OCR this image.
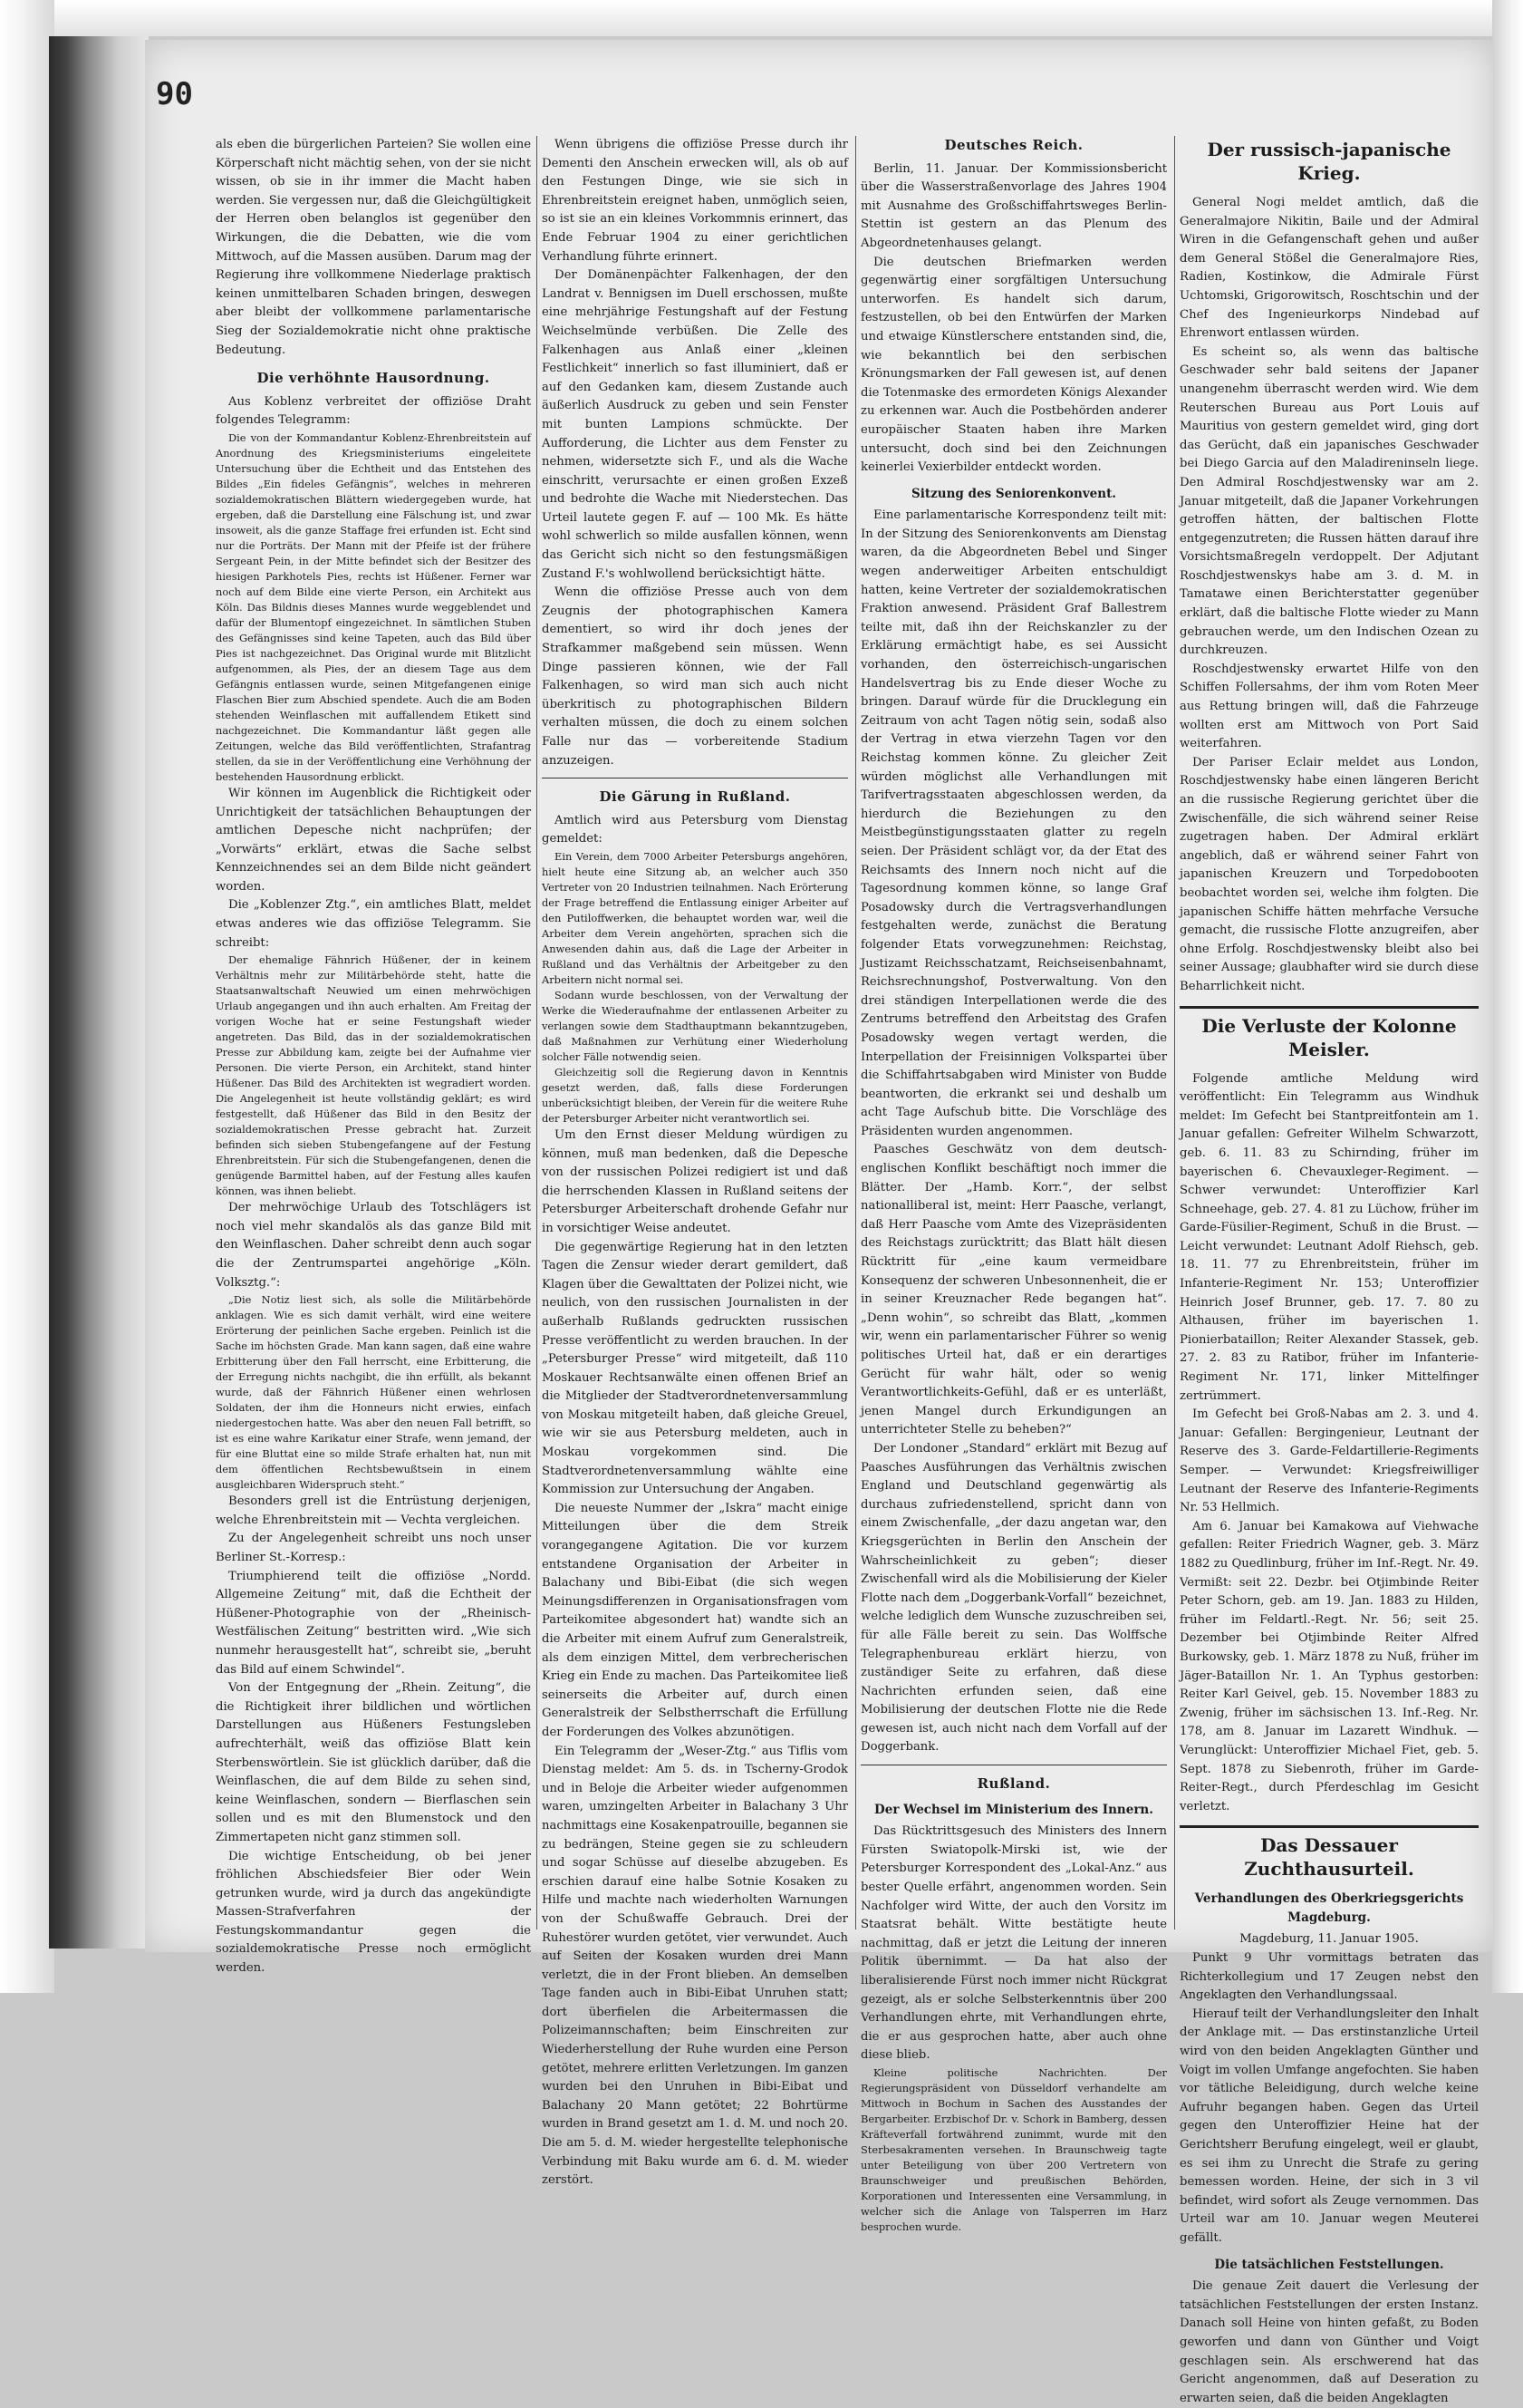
90

als eben die bürgerlichen Parteien? Sie wollen eine Körperschaft nicht mächtig sehen, von der sie nicht wissen, ob sie in ihr immer die Macht haben werden. Sie vergessen nur, daß die Gleichgültigkeit der Herren oben belanglos ist gegenüber den Wirkungen, die die Debatten, wie die vom Mittwoch, auf die Massen ausüben. Darum mag der Regierung ihre vollkommene Niederlage praktisch keinen unmittelbaren Schaden bringen, deswegen aber bleibt der vollkommene parlamentarische Sieg der Sozialdemokratie nicht ohne praktische Bedeutung.

Die verhöhnte Hausordnung.

Aus Koblenz verbreitet der offiziöse Draht folgendes Telegramm:

Die von der Kommandantur Koblenz-Ehrenbreitstein auf Anordnung des Kriegsministeriums eingeleitete Untersuchung über die Echtheit und das Entstehen des Bildes „Ein fideles Gefängnis“, welches in mehreren sozialdemokratischen Blättern wiedergegeben wurde, hat ergeben, daß die Darstellung eine Fälschung ist, und zwar insoweit, als die ganze Staffage frei erfunden ist. Echt sind nur die Porträts. Der Mann mit der Pfeife ist der frühere Sergeant Pein, in der Mitte befindet sich der Besitzer des hiesigen Parkhotels Pies, rechts ist Hüßener. Ferner war noch auf dem Bilde eine vierte Person, ein Architekt aus Köln. Das Bildnis dieses Mannes wurde weggeblendet und dafür der Blumentopf eingezeichnet. In sämtlichen Stuben des Gefängnisses sind keine Tapeten, auch das Bild über Pies ist nachgezeichnet. Das Original wurde mit Blitzlicht aufgenommen, als Pies, der an diesem Tage aus dem Gefängnis entlassen wurde, seinen Mitgefangenen einige Flaschen Bier zum Abschied spendete. Auch die am Boden stehenden Weinflaschen mit auffallendem Etikett sind nachgezeichnet. Die Kommandantur läßt gegen alle Zeitungen, welche das Bild veröffentlichten, Strafantrag stellen, da sie in der Veröffentlichung eine Verhöhnung der bestehenden Hausordnung erblickt.

Wir können im Augenblick die Richtigkeit oder Unrichtigkeit der tatsächlichen Behauptungen der amtlichen Depesche nicht nachprüfen; der „Vorwärts“ erklärt, etwas die Sache selbst Kennzeichnendes sei an dem Bilde nicht geändert worden.

Die „Koblenzer Ztg.“, ein amtliches Blatt, meldet etwas anderes wie das offiziöse Telegramm. Sie schreibt:

Der ehemalige Fähnrich Hüßener, der in keinem Verhältnis mehr zur Militärbehörde steht, hatte die Staatsanwaltschaft Neuwied um einen mehrwöchigen Urlaub angegangen und ihn auch erhalten. Am Freitag der vorigen Woche hat er seine Festungshaft wieder angetreten. Das Bild, das in der sozialdemokratischen Presse zur Abbildung kam, zeigte bei der Aufnahme vier Personen. Die vierte Person, ein Architekt, stand hinter Hüßener. Das Bild des Architekten ist wegradiert worden. Die Angelegenheit ist heute vollständig geklärt; es wird festgestellt, daß Hüßener das Bild in den Besitz der sozialdemokratischen Presse gebracht hat. Zurzeit befinden sich sieben Stubengefangene auf der Festung Ehrenbreitstein. Für sich die Stubengefangenen, denen die genügende Barmittel haben, auf der Festung alles kaufen können, was ihnen beliebt.

Der mehrwöchige Urlaub des Totschlägers ist noch viel mehr skandalös als das ganze Bild mit den Weinflaschen. Daher schreibt denn auch sogar die der Zentrumspartei angehörige „Köln. Volksztg.“:

„Die Notiz liest sich, als solle die Militärbehörde anklagen. Wie es sich damit verhält, wird eine weitere Erörterung der peinlichen Sache ergeben. Peinlich ist die Sache im höchsten Grade. Man kann sagen, daß eine wahre Erbitterung über den Fall herrscht, eine Erbitterung, die der Erregung nichts nachgibt, die ihn erfüllt, als bekannt wurde, daß der Fähnrich Hüßener einen wehrlosen Soldaten, der ihm die Honneurs nicht erwies, einfach niedergestochen hatte. Was aber den neuen Fall betrifft, so ist es eine wahre Karikatur einer Strafe, wenn jemand, der für eine Bluttat eine so milde Strafe erhalten hat, nun mit dem öffentlichen Rechtsbewußtsein in einem ausgleichbaren Widerspruch steht.“

Besonders grell ist die Entrüstung derjenigen, welche Ehrenbreitstein mit — Vechta vergleichen.

Zu der Angelegenheit schreibt uns noch unser Berliner St.-Korresp.:

Triumphierend teilt die offiziöse „Nordd. Allgemeine Zeitung“ mit, daß die Echtheit der Hüßener-Photographie von der „Rheinisch-Westfälischen Zeitung“ bestritten wird. „Wie sich nunmehr herausgestellt hat“, schreibt sie, „beruht das Bild auf einem Schwindel“.

Von der Entgegnung der „Rhein. Zeitung“, die die Richtigkeit ihrer bildlichen und wörtlichen Darstellungen aus Hüßeners Festungsleben aufrechterhält, weiß das offiziöse Blatt kein Sterbenswörtlein. Sie ist glücklich darüber, daß die Weinflaschen, die auf dem Bilde zu sehen sind, keine Weinflaschen, sondern — Bierflaschen sein sollen und es mit den Blumenstock und den Zimmertapeten nicht ganz stimmen soll.

Die wichtige Entscheidung, ob bei jener fröhlichen Abschiedsfeier Bier oder Wein getrunken wurde, wird ja durch das angekündigte Massen-Strafverfahren der Festungskommandantur gegen die sozialdemokratische Presse noch ermöglicht werden.

Wenn übrigens die offiziöse Presse durch ihr Dementi den Anschein erwecken will, als ob auf den Festungen Dinge, wie sie sich in Ehrenbreitstein ereignet haben, unmöglich seien, so ist sie an ein kleines Vorkommnis erinnert, das Ende Februar 1904 zu einer gerichtlichen Verhandlung führte erinnert.

Der Domänenpächter Falkenhagen, der den Landrat v. Bennigsen im Duell erschossen, mußte eine mehrjährige Festungshaft auf der Festung Weichselmünde verbüßen. Die Zelle des Falkenhagen aus Anlaß einer „kleinen Festlichkeit“ innerlich so fast illuminiert, daß er auf den Gedanken kam, diesem Zustande auch äußerlich Ausdruck zu geben und sein Fenster mit bunten Lampions schmückte. Der Aufforderung, die Lichter aus dem Fenster zu nehmen, widersetzte sich F., und als die Wache einschritt, verursachte er einen großen Exzeß und bedrohte die Wache mit Niederstechen. Das Urteil lautete gegen F. auf — 100 Mk. Es hätte wohl schwerlich so milde ausfallen können, wenn das Gericht sich nicht so den festungsmäßigen Zustand F.'s wohlwollend berücksichtigt hätte.

Wenn die offiziöse Presse auch von dem Zeugnis der photographischen Kamera dementiert, so wird ihr doch jenes der Strafkammer maßgebend sein müssen. Wenn Dinge passieren können, wie der Fall Falkenhagen, so wird man sich auch nicht überkritisch zu photographischen Bildern verhalten müssen, die doch zu einem solchen Falle nur das — vorbereitende Stadium anzuzeigen.

Die Gärung in Rußland.

Amtlich wird aus Petersburg vom Dienstag gemeldet:

Ein Verein, dem 7000 Arbeiter Petersburgs angehören, hielt heute eine Sitzung ab, an welcher auch 350 Vertreter von 20 Industrien teilnahmen. Nach Erörterung der Frage betreffend die Entlassung einiger Arbeiter auf den Putiloffwerken, die behauptet worden war, weil die Arbeiter dem Verein angehörten, sprachen sich die Anwesenden dahin aus, daß die Lage der Arbeiter in Rußland und das Verhältnis der Arbeitgeber zu den Arbeitern nicht normal sei.

Sodann wurde beschlossen, von der Verwaltung der Werke die Wiederaufnahme der entlassenen Arbeiter zu verlangen sowie dem Stadthauptmann bekanntzugeben, daß Maßnahmen zur Verhütung einer Wiederholung solcher Fälle notwendig seien.

Gleichzeitig soll die Regierung davon in Kenntnis gesetzt werden, daß, falls diese Forderungen unberücksichtigt bleiben, der Verein für die weitere Ruhe der Petersburger Arbeiter nicht verantwortlich sei.

Um den Ernst dieser Meldung würdigen zu können, muß man bedenken, daß die Depesche von der russischen Polizei redigiert ist und daß die herrschenden Klassen in Rußland seitens der Petersburger Arbeiterschaft drohende Gefahr nur in vorsichtiger Weise andeutet.

Die gegenwärtige Regierung hat in den letzten Tagen die Zensur wieder derart gemildert, daß Klagen über die Gewalttaten der Polizei nicht, wie neulich, von den russischen Journalisten in der außerhalb Rußlands gedruckten russischen Presse veröffentlicht zu werden brauchen. In der „Petersburger Presse“ wird mitgeteilt, daß 110 Moskauer Rechtsanwälte einen offenen Brief an die Mitglieder der Stadtverordnetenversammlung von Moskau mitgeteilt haben, daß gleiche Greuel, wie wir sie aus Petersburg meldeten, auch in Moskau vorgekommen sind. Die Stadtverordnetenversammlung wählte eine Kommission zur Untersuchung der Angaben.

Die neueste Nummer der „Iskra“ macht einige Mitteilungen über die dem Streik vorangegangene Agitation. Die vor kurzem entstandene Organisation der Arbeiter in Balachany und Bibi-Eibat (die sich wegen Meinungsdifferenzen in Organisationsfragen vom Parteikomitee abgesondert hat) wandte sich an die Arbeiter mit einem Aufruf zum Generalstreik, als dem einzigen Mittel, dem verbrecherischen Krieg ein Ende zu machen. Das Parteikomitee ließ seinerseits die Arbeiter auf, durch einen Generalstreik der Selbstherrschaft die Erfüllung der Forderungen des Volkes abzunötigen.

Ein Telegramm der „Weser-Ztg.“ aus Tiflis vom Dienstag meldet: Am 5. ds. in Tscherny-Grodok und in Beloje die Arbeiter wieder aufgenommen waren, umzingelten Arbeiter in Balachany 3 Uhr nachmittags eine Kosakenpatrouille, begannen sie zu bedrängen, Steine gegen sie zu schleudern und sogar Schüsse auf dieselbe abzugeben. Es erschien darauf eine halbe Sotnie Kosaken zu Hilfe und machte nach wiederholten Warnungen von der Schußwaffe Gebrauch. Drei der Ruhestörer wurden getötet, vier verwundet. Auch auf Seiten der Kosaken wurden drei Mann verletzt, die in der Front blieben. An demselben Tage fanden auch in Bibi-Eibat Unruhen statt; dort überfielen die Arbeitermassen die Polizeimannschaften; beim Einschreiten zur Wiederherstellung der Ruhe wurden eine Person getötet, mehrere erlitten Verletzungen. Im ganzen wurden bei den Unruhen in Bibi-Eibat und Balachany 20 Mann getötet; 22 Bohrtürme wurden in Brand gesetzt am 1. d. M. und noch 20. Die am 5. d. M. wieder hergestellte telephonische Verbindung mit Baku wurde am 6. d. M. wieder zerstört.

Deutsches Reich.

Berlin, 11. Januar. Der Kommissionsbericht über die Wasserstraßenvorlage des Jahres 1904 mit Ausnahme des Großschiffahrtsweges Berlin-Stettin ist gestern an das Plenum des Abgeordnetenhauses gelangt.

Die deutschen Briefmarken werden gegenwärtig einer sorgfältigen Untersuchung unterworfen. Es handelt sich darum, festzustellen, ob bei den Entwürfen der Marken und etwaige Künstlerschere entstanden sind, die, wie bekanntlich bei den serbischen Krönungsmarken der Fall gewesen ist, auf denen die Totenmaske des ermordeten Königs Alexander zu erkennen war. Auch die Postbehörden anderer europäischer Staaten haben ihre Marken untersucht, doch sind bei den Zeichnungen keinerlei Vexierbilder entdeckt worden.

Sitzung des Seniorenkonvent.

Eine parlamentarische Korrespondenz teilt mit: In der Sitzung des Seniorenkonvents am Dienstag waren, da die Abgeordneten Bebel und Singer wegen anderweitiger Arbeiten entschuldigt hatten, keine Vertreter der sozialdemokratischen Fraktion anwesend. Präsident Graf Ballestrem teilte mit, daß ihn der Reichskanzler zu der Erklärung ermächtigt habe, es sei Aussicht vorhanden, den österreichisch-ungarischen Handelsvertrag bis zu Ende dieser Woche zu bringen. Darauf würde für die Drucklegung ein Zeitraum von acht Tagen nötig sein, sodaß also der Vertrag in etwa vierzehn Tagen vor den Reichstag kommen könne. Zu gleicher Zeit würden möglichst alle Verhandlungen mit Tarifvertragsstaaten abgeschlossen werden, da hierdurch die Beziehungen zu den Meistbegünstigungsstaaten glatter zu regeln seien. Der Präsident schlägt vor, da der Etat des Reichsamts des Innern noch nicht auf die Tagesordnung kommen könne, so lange Graf Posadowsky durch die Vertragsverhandlungen festgehalten werde, zunächst die Beratung folgender Etats vorwegzunehmen: Reichstag, Justizamt Reichsschatzamt, Reichseisenbahnamt, Reichsrechnungshof, Postverwaltung. Von den drei ständigen Interpellationen werde die des Zentrums betreffend den Arbeitstag des Grafen Posadowsky wegen vertagt werden, die Interpellation der Freisinnigen Volkspartei über die Schiffahrtsabgaben wird Minister von Budde beantworten, die erkrankt sei und deshalb um acht Tage Aufschub bitte. Die Vorschläge des Präsidenten wurden angenommen.

Paasches Geschwätz von dem deutsch-englischen Konflikt beschäftigt noch immer die Blätter. Der „Hamb. Korr.“, der selbst nationalliberal ist, meint: Herr Paasche, verlangt, daß Herr Paasche vom Amte des Vizepräsidenten des Reichstags zurücktritt; das Blatt hält diesen Rücktritt für „eine kaum vermeidbare Konsequenz der schweren Unbesonnenheit, die er in seiner Kreuznacher Rede begangen hat“. „Denn wohin“, so schreibt das Blatt, „kommen wir, wenn ein parlamentarischer Führer so wenig politisches Urteil hat, daß er ein derartiges Gerücht für wahr hält, oder so wenig Verantwortlichkeits-Gefühl, daß er es unterläßt, jenen Mangel durch Erkundigungen an unterrichteter Stelle zu beheben?“

Der Londoner „Standard“ erklärt mit Bezug auf Paasches Ausführungen das Verhältnis zwischen England und Deutschland gegenwärtig als durchaus zufriedenstellend, spricht dann von einem Zwischenfalle, „der dazu angetan war, den Kriegsgerüchten in Berlin den Anschein der Wahrscheinlichkeit zu geben“; dieser Zwischenfall wird als die Mobilisierung der Kieler Flotte nach dem „Doggerbank-Vorfall“ bezeichnet, welche lediglich dem Wunsche zuzuschreiben sei, für alle Fälle bereit zu sein. Das Wolffsche Telegraphenbureau erklärt hierzu, von zuständiger Seite zu erfahren, daß diese Nachrichten erfunden seien, daß eine Mobilisierung der deutschen Flotte nie die Rede gewesen ist, auch nicht nach dem Vorfall auf der Doggerbank.

Rußland.
Der Wechsel im Ministerium des Innern.

Das Rücktrittsgesuch des Ministers des Innern Fürsten Swiatopolk-Mirski ist, wie der Petersburger Korrespondent des „Lokal-Anz.“ aus bester Quelle erfährt, angenommen worden. Sein Nachfolger wird Witte, der auch den Vorsitz im Staatsrat behält. Witte bestätigte heute nachmittag, daß er jetzt die Leitung der inneren Politik übernimmt. — Da hat also der liberalisierende Fürst noch immer nicht Rückgrat gezeigt, als er solche Selbsterkenntnis über 200 Verhandlungen ehrte, mit Verhandlungen ehrte, die er aus gesprochen hatte, aber auch ohne diese blieb.

Kleine politische Nachrichten. Der Regierungspräsident von Düsseldorf verhandelte am Mittwoch in Bochum in Sachen des Ausstandes der Bergarbeiter. Erzbischof Dr. v. Schork in Bamberg, dessen Kräfteverfall fortwährend zunimmt, wurde mit den Sterbesakramenten versehen. In Braunschweig tagte unter Beteiligung von über 200 Vertretern von Braunschweiger und preußischen Behörden, Korporationen und Interessenten eine Versammlung, in welcher sich die Anlage von Talsperren im Harz besprochen wurde.

Der russisch-japanische Krieg.

General Nogi meldet amtlich, daß die Generalmajore Nikitin, Baile und der Admiral Wiren in die Gefangenschaft gehen und außer dem General Stößel die Generalmajore Ries, Radien, Kostinkow, die Admirale Fürst Uchtomski, Grigorowitsch, Roschtschin und der Chef des Ingenieurkorps Nindebad auf Ehrenwort entlassen würden.

Es scheint so, als wenn das baltische Geschwader sehr bald seitens der Japaner unangenehm überrascht werden wird. Wie dem Reuterschen Bureau aus Port Louis auf Mauritius von gestern gemeldet wird, ging dort das Gerücht, daß ein japanisches Geschwader bei Diego Garcia auf den Maladireninseln liege. Den Admiral Roschdjestwensky war am 2. Januar mitgeteilt, daß die Japaner Vorkehrungen getroffen hätten, der baltischen Flotte entgegenzutreten; die Russen hätten darauf ihre Vorsichtsmaßregeln verdoppelt. Der Adjutant Roschdjestwenskys habe am 3. d. M. in Tamatawe einen Berichterstatter gegenüber erklärt, daß die baltische Flotte wieder zu Mann gebrauchen werde, um den Indischen Ozean zu durchkreuzen.

Roschdjestwensky erwartet Hilfe von den Schiffen Follersahms, der ihm vom Roten Meer aus Rettung bringen will, daß die Fahrzeuge wollten erst am Mittwoch von Port Said weiterfahren.

Der Pariser Eclair meldet aus London, Roschdjestwensky habe einen längeren Bericht an die russische Regierung gerichtet über die Zwischenfälle, die sich während seiner Reise zugetragen haben. Der Admiral erklärt angeblich, daß er während seiner Fahrt von japanischen Kreuzern und Torpedobooten beobachtet worden sei, welche ihm folgten. Die japanischen Schiffe hätten mehrfache Versuche gemacht, die russische Flotte anzugreifen, aber ohne Erfolg. Roschdjestwensky bleibt also bei seiner Aussage; glaubhafter wird sie durch diese Beharrlichkeit nicht.

Die Verluste der Kolonne Meisler.

Folgende amtliche Meldung wird veröffentlicht: Ein Telegramm aus Windhuk meldet: Im Gefecht bei Stantpreitfontein am 1. Januar gefallen: Gefreiter Wilhelm Schwarzott, geb. 6. 11. 83 zu Schirnding, früher im bayerischen 6. Chevauxleger-Regiment. — Schwer verwundet: Unteroffizier Karl Schneehage, geb. 27. 4. 81 zu Lüchow, früher im Garde-Füsilier-Regiment, Schuß in die Brust. — Leicht verwundet: Leutnant Adolf Riehsch, geb. 18. 11. 77 zu Ehrenbreitstein, früher im Infanterie-Regiment Nr. 153; Unteroffizier Heinrich Josef Brunner, geb. 17. 7. 80 zu Althausen, früher im bayerischen 1. Pionierbataillon; Reiter Alexander Stassek, geb. 27. 2. 83 zu Ratibor, früher im Infanterie-Regiment Nr. 171, linker Mittelfinger zertrümmert.

Im Gefecht bei Groß-Nabas am 2. 3. und 4. Januar: Gefallen: Bergingenieur, Leutnant der Reserve des 3. Garde-Feldartillerie-Regiments Semper. — Verwundet: Kriegsfreiwilliger Leutnant der Reserve des Infanterie-Regiments Nr. 53 Hellmich.

Am 6. Januar bei Kamakowa auf Viehwache gefallen: Reiter Friedrich Wagner, geb. 3. März 1882 zu Quedlinburg, früher im Inf.-Regt. Nr. 49. Vermißt: seit 22. Dezbr. bei Otjimbinde Reiter Peter Schorn, geb. am 19. Jan. 1883 zu Hilden, früher im Feldartl.-Regt. Nr. 56; seit 25. Dezember bei Otjimbinde Reiter Alfred Burkowsky, geb. 1. März 1878 zu Nuß, früher im Jäger-Bataillon Nr. 1. An Typhus gestorben: Reiter Karl Geivel, geb. 15. November 1883 zu Zwenig, früher im sächsischen 13. Inf.-Reg. Nr. 178, am 8. Januar im Lazarett Windhuk. — Verunglückt: Unteroffizier Michael Fiet, geb. 5. Sept. 1878 zu Siebenroth, früher im Garde-Reiter-Regt., durch Pferdeschlag im Gesicht verletzt.

Das Dessauer Zuchthausurteil.
Verhandlungen des Oberkriegsgerichts Magdeburg.

Magdeburg, 11. Januar 1905.

Punkt 9 Uhr vormittags betraten das Richterkollegium und 17 Zeugen nebst den Angeklagten den Verhandlungssaal.

Hierauf teilt der Verhandlungsleiter den Inhalt der Anklage mit. — Das erstinstanzliche Urteil wird von den beiden Angeklagten Günther und Voigt im vollen Umfange angefochten. Sie haben vor tätliche Beleidigung, durch welche keine Aufruhr begangen haben. Gegen das Urteil gegen den Unteroffizier Heine hat der Gerichtsherr Berufung eingelegt, weil er glaubt, es sei ihm zu Unrecht die Strafe zu gering bemessen worden. Heine, der sich in 3 vil befindet, wird sofort als Zeuge vernommen. Das Urteil war am 10. Januar wegen Meuterei gefällt.

Die tatsächlichen Feststellungen.

Die genaue Zeit dauert die Verlesung der tatsächlichen Feststellungen der ersten Instanz. Danach soll Heine von hinten gefaßt, zu Boden geworfen und dann von Günther und Voigt geschlagen sein. Als erschwerend hat das Gericht angenommen, daß auf Deseration zu erwarten seien, daß die beiden Angeklagten
